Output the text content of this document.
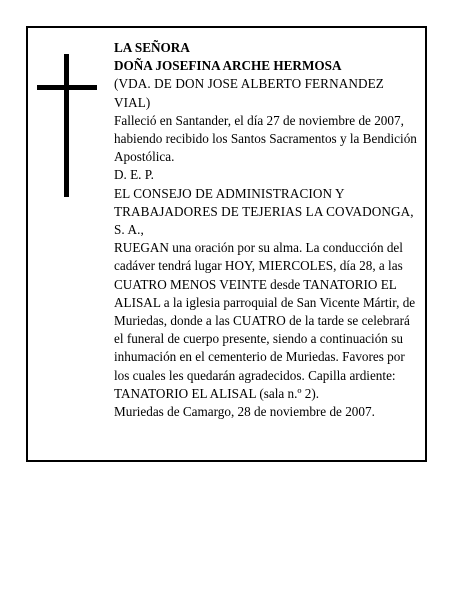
LA SEÑORA

DOÑA JOSEFINA ARCHE HERMOSA

(VDA. DE DON JOSE ALBERTO FERNANDEZ VIAL)

Falleció en Santander, el día 27 de noviembre de 2007, habiendo recibido los Santos Sacramentos y la Bendición Apostólica.

D. E. P.

EL CONSEJO DE ADMINISTRACION Y TRABAJADORES DE TEJERIAS LA COVADONGA, S. A.,

RUEGAN una oración por su alma. La conducción del cadáver tendrá lugar HOY, MIERCOLES, día 28, a las CUATRO MENOS VEINTE desde TANATORIO EL ALISAL a la iglesia parroquial de San Vicente Mártir, de Muriedas, donde a las CUATRO de la tarde se celebrará el funeral de cuerpo presente, siendo a continuación su inhumación en el cementerio de Muriedas. Favores por los cuales les quedarán agradecidos. Capilla ardiente: TANATORIO EL ALISAL (sala n.º 2).

Muriedas de Camargo, 28 de noviembre de 2007.
